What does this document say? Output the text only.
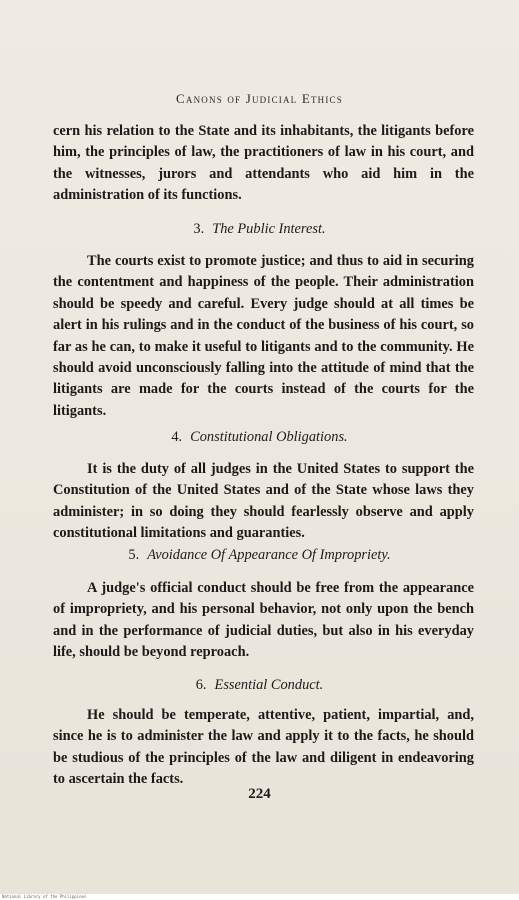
Canons of Judicial Ethics
cern his relation to the State and its inhabitants, the litigants before him, the principles of law, the practitioners of law in his court, and the witnesses, jurors and attendants who aid him in the administration of its functions.
3. The Public Interest.
The courts exist to promote justice; and thus to aid in securing the contentment and happiness of the people. Their administration should be speedy and careful. Every judge should at all times be alert in his rulings and in the conduct of the business of his court, so far as he can, to make it useful to litigants and to the community. He should avoid unconsciously falling into the attitude of mind that the litigants are made for the courts instead of the courts for the litigants.
4. Constitutional Obligations.
It is the duty of all judges in the United States to support the Constitution of the United States and of the State whose laws they administer; in so doing they should fearlessly observe and apply constitutional limitations and guaranties.
5. Avoidance Of Appearance Of Impropriety.
A judge's official conduct should be free from the appearance of impropriety, and his personal behavior, not only upon the bench and in the performance of judicial duties, but also in his everyday life, should be beyond reproach.
6. Essential Conduct.
He should be temperate, attentive, patient, impartial, and, since he is to administer the law and apply it to the facts, he should be studious of the principles of the law and diligent in endeavoring to ascertain the facts.
224
National Library of the Philippines
